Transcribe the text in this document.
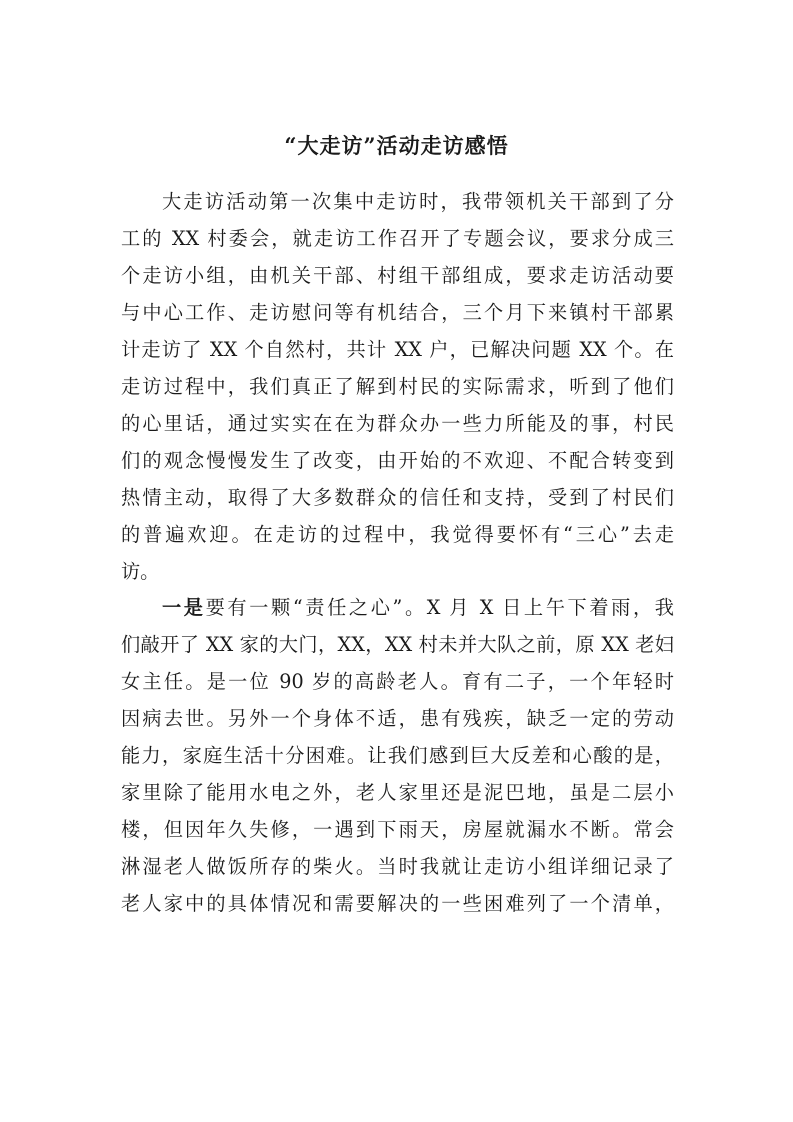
“大走访”活动走访感悟
大走访活动第一次集中走访时，我带领机关干部到了分
工的 XX 村委会，就走访工作召开了专题会议，要求分成三
个走访小组，由机关干部、村组干部组成，要求走访活动要
与中心工作、走访慰问等有机结合，三个月下来镇村干部累
计走访了 XX 个自然村，共计 XX 户，已解决问题 XX 个。在
走访过程中，我们真正了解到村民的实际需求，听到了他们
的心里话，通过实实在在为群众办一些力所能及的事，村民
们的观念慢慢发生了改变，由开始的不欢迎、不配合转变到
热情主动，取得了大多数群众的信任和支持，受到了村民们
的普遍欢迎。在走访的过程中，我觉得要怀有“三心”去走
访。
一是要有一颗“责任之心”。X 月 X 日上午下着雨，我
们敲开了 XX 家的大门，XX，XX 村未并大队之前，原 XX 老妇
女主任。是一位 90 岁的高龄老人。育有二子，一个年轻时
因病去世。另外一个身体不适，患有残疾，缺乏一定的劳动
能力，家庭生活十分困难。让我们感到巨大反差和心酸的是，
家里除了能用水电之外，老人家里还是泥巴地，虽是二层小
楼，但因年久失修，一遇到下雨天，房屋就漏水不断。常会
淋湿老人做饭所存的柴火。当时我就让走访小组详细记录了
老人家中的具体情况和需要解决的一些困难列了一个清单，
